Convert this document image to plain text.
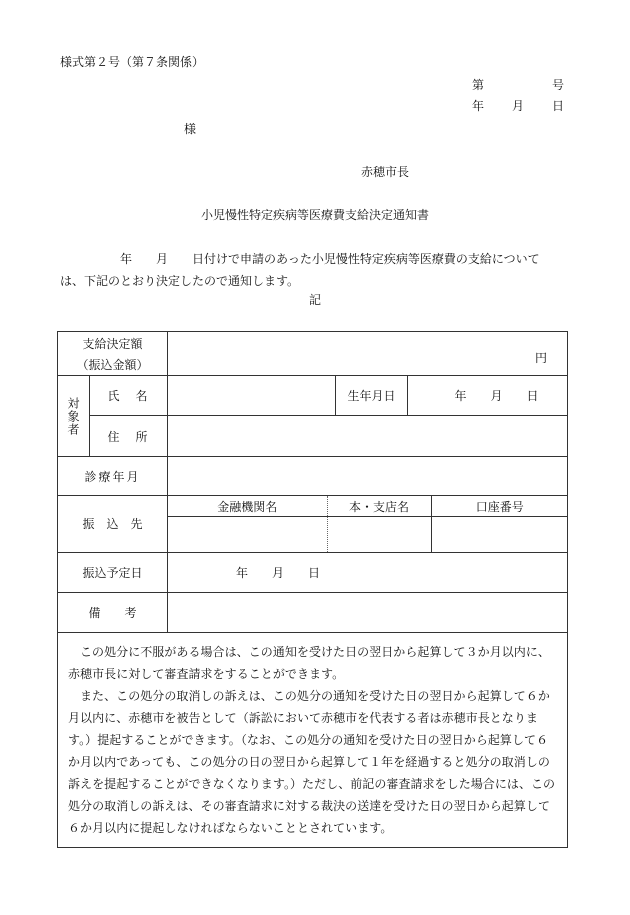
様式第２号（第７条関係）
第	号
年 月 日
様
赤穂市長
小児慢性特定疾病等医療費支給決定通知書
年　　月　　日付けで申請のあった小児慢性特定疾病等医療費の支給について
は、下記のとおり決定したので通知します。
記
支給決定額
（振込金額）	円

対象者
	氏　名		生年月日	年　　月　　日
住　所	
診療年月	
振　込　先	
金融機関名	本・支店名	口座番号

振込予定日	年　　月　　日
備　　考	

この処分に不服がある場合は、この通知を受けた日の翌日から起算して３か月以内に、赤穂市長に対して審査請求をすることができます。

また、この処分の取消しの訴えは、この処分の通知を受けた日の翌日から起算して６か月以内に、赤穂市を被告として（訴訟において赤穂市を代表する者は赤穂市長となります。）提起することができます。（なお、この処分の通知を受けた日の翌日から起算して６か月以内であっても、この処分の日の翌日から起算して１年を経過すると処分の取消しの訴えを提起することができなくなります。）ただし、前記の審査請求をした場合には、この処分の取消しの訴えは、その審査請求に対する裁決の送達を受けた日の翌日から起算して６か月以内に提起しなければならないこととされています。
